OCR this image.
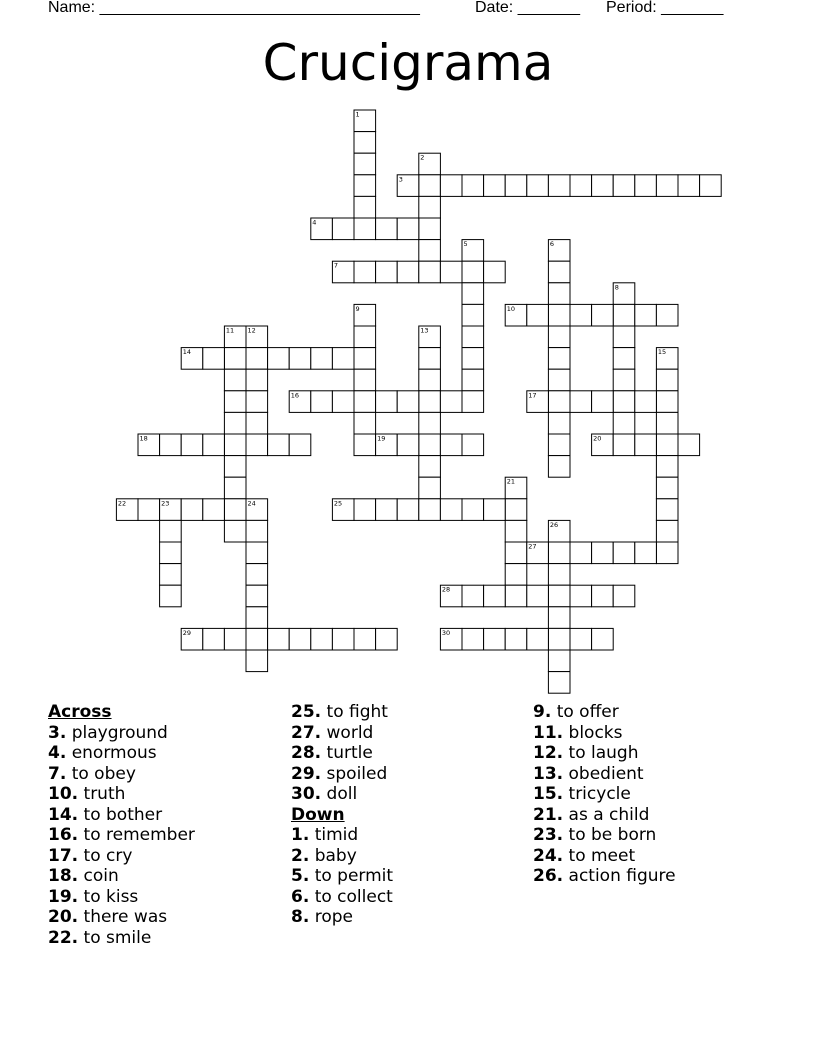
Name: ____________________________________	Date: _______ Period: _______
Crucigrama
1
2
3
4
5	6
7
8
9	10
11 12	13
14	15
16	17
18	19	20
21
22	23	24	25
26
27
28
29	30
Across
3. playground
4. enormous
7. to obey
10. truth
14. to bother
16. to remember
17. to cry
18. coin
19. to kiss
20. there was
22. to smile
25. to fight
27. world
28. turtle
29. spoiled
30. doll
Down
1. timid
2. baby
5. to permit
6. to collect
8. rope
9. to offer
11. blocks
12. to laugh
13. obedient
15. tricycle
21. as a child
23. to be born
24. to meet
26. action figure
